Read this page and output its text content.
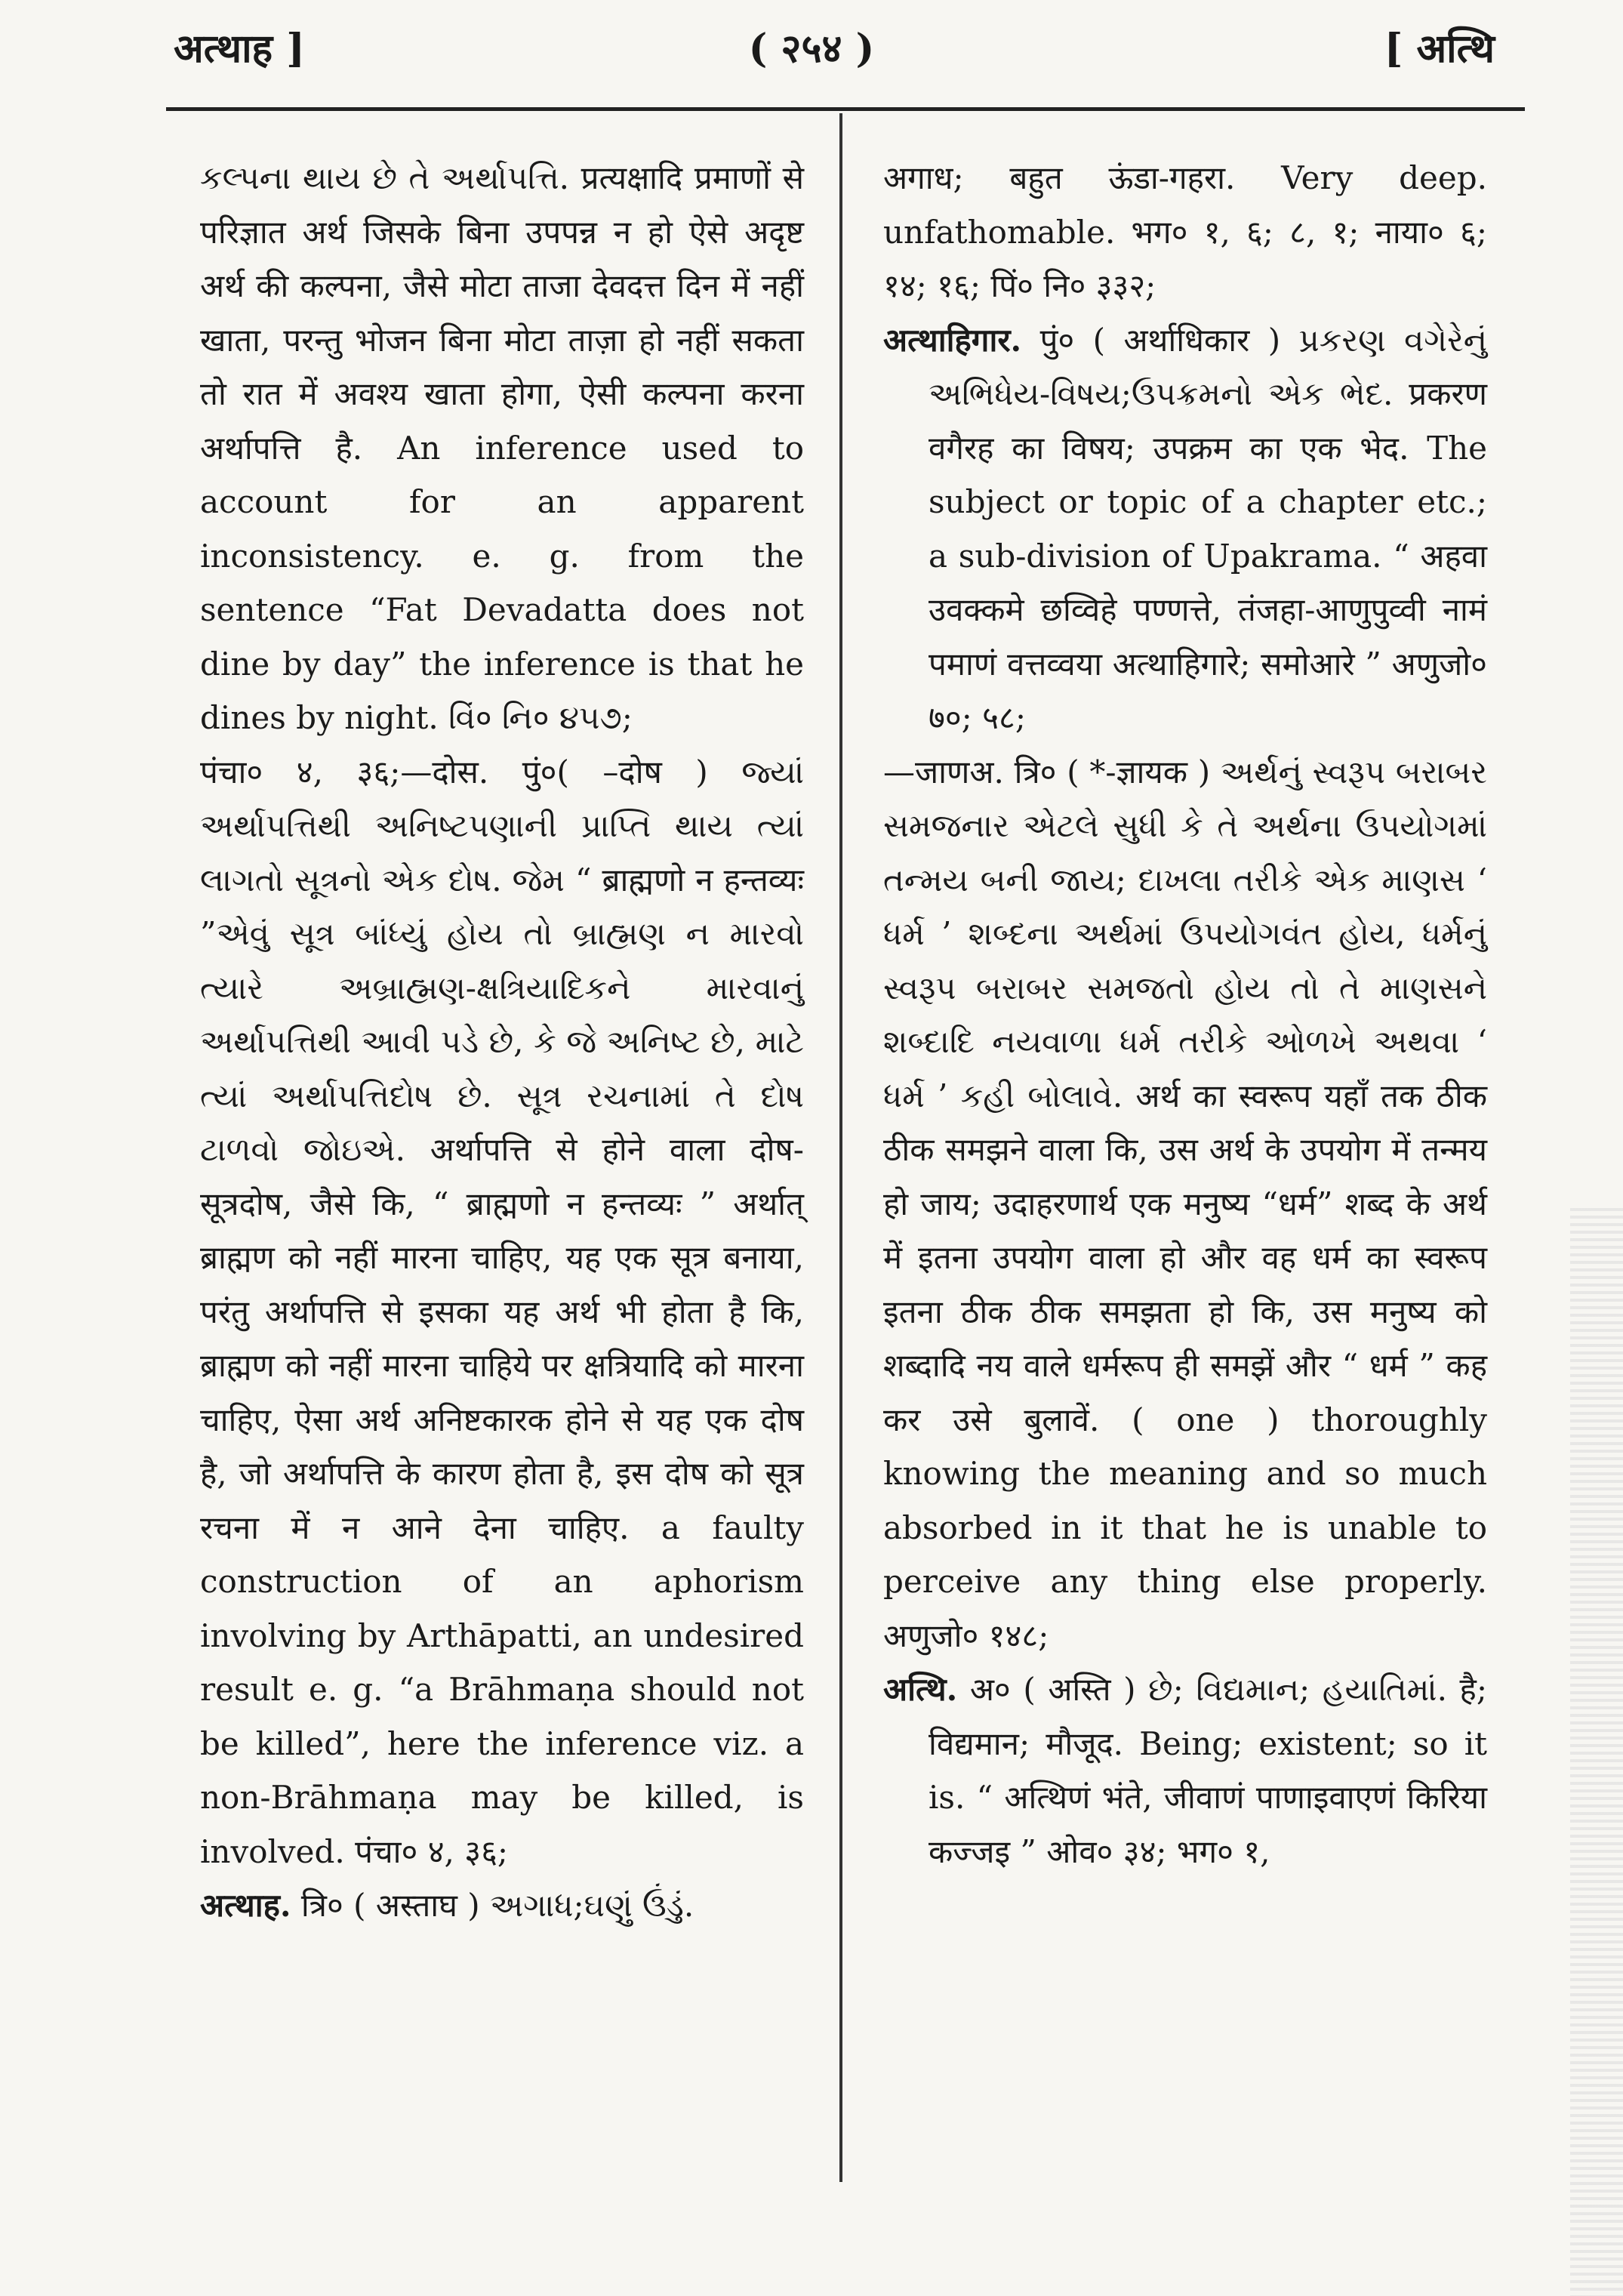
अत्थाह ]	( २५४ )	[ अत्थि

કલ્પના થાય છે તે અર્થાપત્તિ. प्रत्यक्षादि प्रमाणों से परिज्ञात अर्थ जिसके बिना उपपन्न न हो ऐसे अदृष्ट अर्थ की कल्पना, जैसे मोटा ताजा देवदत्त दिन में नहीं खाता, परन्तु भोजन बिना मोटा ताज़ा हो नहीं सकता तो रात में अवश्य खाता होगा, ऐसी कल्पना करना अर्थापत्ति है. An inference used to account for an apparent inconsistency. e. g. from the sentence “Fat Devadatta does not dine by day” the inference is that he dines by night. વિં० નિ० ૪૫૭;

पंचा० ४, ३६;—दोस. पुं०( –दोष ) જ્યાં અર્થાપત્તિથી અનિષ્ટપણાની પ્રાપ્તિ થાય ત્યાં લાગતો સૂત્રનો એક દોષ. જેમ “ ब्राह्मणो न हन्तव्यः ”એવું સૂત્ર બાંધ્યું હોય તો બ્રાહ્મણ ન મારવો ત્યારે અબ્રાહ્મણ-ક્ષત્રિયાદિકને મારવાનું અર્થાપત્તિથી આવી પડે છે, કે જે અનિષ્ટ છે, માટે ત્યાં અર્થાપત્તિદોષ છે. સૂત્ર રચનામાં તે દોષ ટાળવો જોઇએ. अर्थापत्ति से होने वाला दोष-सूत्रदोष, जैसे कि, “ ब्राह्मणो न हन्तव्यः ” अर्थात् ब्राह्मण को नहीं मारना चाहिए, यह एक सूत्र बनाया, परंतु अर्थापत्ति से इसका यह अर्थ भी होता है कि, ब्राह्मण को नहीं मारना चाहिये पर क्षत्रियादि को मारना चाहिए, ऐसा अर्थ अनिष्टकारक होने से यह एक दोष है, जो अर्थापत्ति के कारण होता है, इस दोष को सूत्र रचना में न आने देना चाहिए. a faulty construction of an aphorism involving by Arthāpatti, an undesired result e. g. “a Brāhmaṇa should not be killed”, here the inference viz. a non-Brāhmaṇa may be killed, is involved. पंचा० ४, ३६;

अत्थाह. त्रि० ( अस्ताघ ) અગાધ;ઘણું ઉંડું.

अगाध; बहुत ऊंडा-गहरा. Very deep. unfathomable. भग० १, ६; ८, १; नाया० ६; १४; १६; पिं० नि० ३३२;

अत्थाहिगार. पुं० ( अर्थाधिकार ) પ્રકરણ વગેરેનું અભિધેય-વિષય;ઉપક્રમનો એક ભેદ. प्रकरण वगैरह का विषय; उपक्रम का एक भेद. The subject or topic of a chapter etc.; a sub-division of Upakrama. “ अहवा उवक्कमे छव्विहे पण्णत्ते, तंजहा-आणुपुव्वी नामं पमाणं वत्तव्वया अत्थाहिगारे; समोआरे ” अणुजो० ७०; ५८;

—जाणअ. त्रि० ( *-ज्ञायक ) અર્થનું સ્વરૂપ બરાબર સમજનાર એટલે સુધી કે તે અર્થના ઉપયોગમાં તન્મય બની જાય; દાખલા તરીકે એક માણસ ‘ ધર્મ ’ શબ્દના અર્થમાં ઉપયોગવંત હોય, ધર્મનું સ્વરૂપ બરાબર સમજતો હોય તો તે માણસને શબ્દાદિ નયવાળા ધર્મ તરીકે ઓળખે અથવા ‘ ધર્મ ’ કહી બોલાવે. अर्थ का स्वरूप यहाँ तक ठीक ठीक समझने वाला कि, उस अर्थ के उपयोग में तन्मय हो जाय; उदाहरणार्थ एक मनुष्य “धर्म” शब्द के अर्थ में इतना उपयोग वाला हो और वह धर्म का स्वरूप इतना ठीक ठीक समझता हो कि, उस मनुष्य को शब्दादि नय वाले धर्मरूप ही समझें और “ धर्म ” कह कर उसे बुलावें. ( one ) thoroughly knowing the meaning and so much absorbed in it that he is unable to perceive any thing else properly. अणुजो० १४८;

अत्थि. अ० ( अस्ति ) છે; વિદ્યમાન; હયાતિમાં. है; विद्यमान; मौजूद. Being; existent; so it is. “ अत्थिणं भंते, जीवाणं पाणाइवाएणं किरिया कज्जइ ” ओव० ३४; भग० १,
